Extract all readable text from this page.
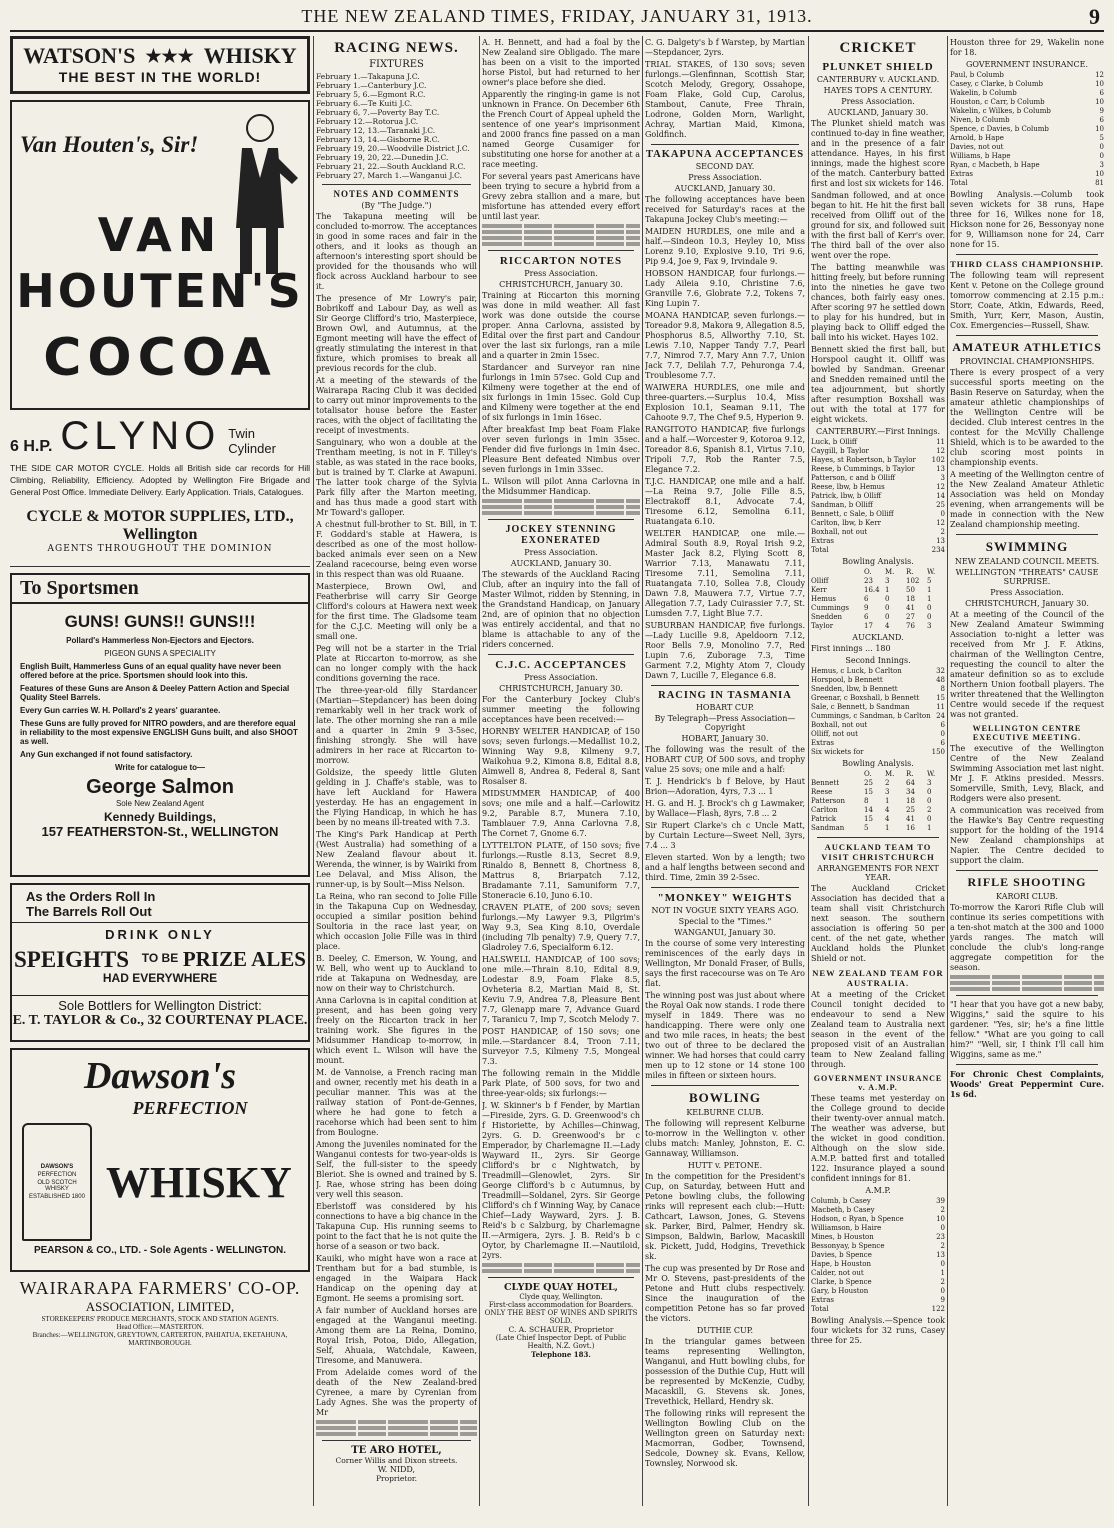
THE NEW ZEALAND TIMES, FRIDAY, JANUARY 31, 1913.	9
WATSON'S ★★★ WHISKY
THE BEST IN THE WORLD!
Van Houten's, Sir!
VAN
HOUTEN'S
COCOA
6 H.P. CLYNO Twin
Cylinder
THE SIDE CAR MOTOR CYCLE. Holds all British side car records for Hill Climbing, Reliability, Efficiency. Adopted by Wellington Fire Brigade and General Post Office. Immediate Delivery. Early Application. Trials, Catalogues.
CYCLE & MOTOR SUPPLIES, LTD., Wellington
AGENTS THROUGHOUT THE DOMINION
To Sportsmen
GUNS! GUNS!! GUNS!!!
Pollard's Hammerless Non-Ejectors and Ejectors.
PIGEON GUNS A SPECIALITY
English Built, Hammerless Guns of an equal quality have never been offered before at the price. Sportsmen should look into this.
Features of these Guns are Anson & Deeley Pattern Action and Special Quality Steel Barrels.
Every Gun carries W. H. Pollard's 2 years' guarantee.
These Guns are fully proved for NITRO powders, and are therefore equal in reliability to the most expensive ENGLISH Guns built, and also SHOOT as well.
Any Gun exchanged if not found satisfactory.
Write for catalogue to—
George Salmon
Sole New Zealand Agent
Kennedy Buildings,
157 FEATHERSTON-St., WELLINGTON
As the Orders Roll In
The Barrels Roll Out
DRINK ONLY
SPEIGHTS	PRIZE ALES
TO BE
HAD EVERYWHERE
Sole Bottlers for Wellington District:
E. T. TAYLOR & Co., 32 COURTENAY PLACE.
Dawson's
PERFECTION
DAWSON'S
PERFECTION
OLD SCOTCH WHISKY
ESTABLISHED 1800 WHISKY
PEARSON & CO., LTD. - Sole Agents - WELLINGTON.
WAIRARAPA FARMERS' CO-OP.
ASSOCIATION, LIMITED,
STOREKEEPERS' PRODUCE MERCHANTS, STOCK AND STATION AGENTS.
Head Office:—MASTERTON.
Branches:—WELLINGTON, GREYTOWN, CARTERTON, PAHIATUA, EKETAHUNA, MARTINBOROUGH.
RACING NEWS.
FIXTURES
February 1.—Takapuna J.C.
February 1.—Canterbury J.C.
February 5, 6.—Egmont R.C.
February 6.—Te Kuiti J.C.
February 6, 7.—Poverty Bay T.C.
February 12.—Rotorua J.C.
February 12, 13.—Taranaki J.C.
February 13, 14.—Gisborne R.C.
February 19, 20.—Woodville District J.C.
February 19, 20, 22.—Dunedin J.C.
February 21, 22.—South Auckland R.C.
February 27, March 1.—Wanganui J.C.
NOTES AND COMMENTS
(By "The Judge.")
The Takapuna meeting will be concluded to-morrow. The acceptances in good in some races and fair in the others, and it looks as though an afternoon's interesting sport should be provided for the thousands who will flock across Auckland harbour to see it.
The presence of Mr Lowry's pair, Bobrikoff and Labour Day, as well as Sir George Clifford's trio, Masterpiece, Brown Owl, and Autumnus, at the Egmont meeting will have the effect of greatly stimulating the interest in that fixture, which promises to break all previous records for the club.
At a meeting of the stewards of the Wairarapa Racing Club it was decided to carry out minor improvements to the totalisator house before the Easter races, with the object of facilitating the receipt of investments.
Sanguinary, who won a double at the Trentham meeting, is not in F. Tilley's stable, as was stated in the race books, but is trained by T. Clarke at Awapuni. The latter took charge of the Sylvia Park filly after the Marton meeting, and has thus made a good start with Mr Toward's galloper.
A chestnut full-brother to St. Bill, in T. F. Goddard's stable at Hawera, is described as one of the most hollow-backed animals ever seen on a New Zealand racecourse, being even worse in this respect than was old Ruaane.
Masterpiece, Brown Owl, and Featherbrise will carry Sir George Clifford's colours at Hawera next week for the first time. The Gladsome team for the C.J.C. Meeting will only be a small one.
Peg will not be a starter in the Trial Plate at Riccarton to-morrow, as she can no longer comply with the hack conditions governing the race.
The three-year-old filly Stardancer (Martian—Stepdancer) has been doing remarkably well in her track work of late. The other morning she ran a mile and a quarter in 2min 9 3-5sec, finishing strongly. She will have admirers in her race at Riccarton to-morrow.
Goldsize, the speedy little Gluten gelding in J. Chaffe's stable, was to have left Auckland for Hawera yesterday. He has an engagement in the Flying Handicap, in which he has been by no means ill-treated with 7.3.
The King's Park Handicap at Perth (West Australia) had something of a New Zealand flavour about it. Werenda, the winner, is by Wairiki from Lee Delaval, and Miss Alison, the runner-up, is by Soult—Miss Nelson.
La Reina, who ran second to Jolie Fille in the Takapuna Cup on Wednesday, occupied a similar position behind Soultoria in the race last year, on which occasion Jolie Fille was in third place.
B. Deeley, C. Emerson, W. Young, and W. Bell, who went up to Auckland to ride at Takapuna on Wednesday, are now on their way to Christchurch.
Anna Carlovna is in capital condition at present, and has been going very freely on the Riccarton track in her training work. She figures in the Midsummer Handicap to-morrow, in which event L. Wilson will have the mount.
M. de Vannoise, a French racing man and owner, recently met his death in a peculiar manner. This was at the railway station of Pont-de-Gennes, where he had gone to fetch a racehorse which had been sent to him from Boulogne.
Among the juveniles nominated for the Wanganui contests for two-year-olds is Self, the full-sister to the speedy Bleriot. She is owned and trained by S. J. Rae, whose string has been doing very well this season.
Eberlstoff was considered by his connections to have a big chance in the Takapuna Cup. His running seems to point to the fact that he is not quite the horse of a season or two back.
Kauiki, who might have won a race at Trentham but for a bad stumble, is engaged in the Waipara Hack Handicap on the opening day at Egmont. He seems a promising sort.
A fair number of Auckland horses are engaged at the Wanganui meeting. Among them are La Reina, Domino, Royal Irish, Potoa, Dido, Allegation, Self, Ahuaia, Watchdale, Kaween, Tiresome, and Manuwera.
From Adelaide comes word of the death of the New Zealand-bred Cyrenee, a mare by Cyrenian from Lady Agnes. She was the property of Mr
TE ARO HOTEL,
Corner Willis and Dixon streets.
W. NIDD,
Proprietor.
A. H. Bennett, and had a foal by the New Zealand sire Obligado. The mare has been on a visit to the imported horse Pistol, but had returned to her owner's place before she died.
Apparently the ringing-in game is not unknown in France. On December 6th the French Court of Appeal upheld the sentence of one year's imprisonment and 2000 francs fine passed on a man named George Cusamiger for substituting one horse for another at a race meeting.
For several years past Americans have been trying to secure a hybrid from a Grevy zebra stallion and a mare, but misfortune has attended every effort until last year.
RICCARTON NOTES
Press Association.
CHRISTCHURCH, January 30.
Training at Riccarton this morning was done in mild weather. All fast work was done outside the course proper. Anna Carlovna, assisted by Edital over the first part and Candour over the last six furlongs, ran a mile and a quarter in 2min 15sec.
Stardancer and Surveyor ran nine furlongs in 1min 57sec. Gold Cup and Kilmeny were together at the end of six furlongs in 1min 15sec. Gold Cup and Kilmeny were together at the end of six furlongs in 1min 16sec.
After breakfast Imp beat Foam Flake over seven furlongs in 1min 35sec. Fender did five furlongs in 1min 4sec. Pleasure Bent defeated Nimbus over seven furlongs in 1min 33sec.
L. Wilson will pilot Anna Carlovna in the Midsummer Handicap.
JOCKEY STENNING EXONERATED
Press Association.
AUCKLAND, January 30.
The stewards of the Auckland Racing Club, after an inquiry into the fall of Master Wilmot, ridden by Stenning, in the Grandstand Handicap, on January 2nd, are of opinion that no objection was entirely accidental, and that no blame is attachable to any of the riders concerned.
C.J.C. ACCEPTANCES
Press Association.
CHRISTCHURCH, January 30.
For the Canterbury Jockey Club's summer meeting the following acceptances have been received:—
HORNBY WELTER HANDICAP, of 150 sovs; seven furlongs.—Medallist 10.2, Winning Way 9.8, Kilmeny 9.7, Waikohua 9.2, Kimona 8.8, Edital 8.8, Aimwell 8, Andrea 8, Federal 8, Sant Rosalser 8.
MIDSUMMER HANDICAP, of 400 sovs; one mile and a half.—Carlowitz 9.2, Parable 8.7, Munera 7.10, Tamblauer 7.9, Anna Carlovna 7.8, The Cornet 7, Gnome 6.7.
LYTTELTON PLATE, of 150 sovs; five furlongs.—Rustle 8.13, Secret 8.9, Rinaldo 8, Bennett 8, Chortness 8, Mattrus 8, Briarpatch 7.12, Bradamante 7.11, Samuniform 7.7, Stoneracie 6.10, Juno 6.10.
CRAVEN PLATE, of 200 sovs; seven furlongs.—My Lawyer 9.3, Pilgrim's Way 9.3, Sea King 8.10, Overdale (including 7lb penalty) 7.9, Query 7.7, Gladroley 7.6, Specialform 6.12.
HALSWELL HANDICAP, of 100 sovs; one mile.—Thrain 8.10, Edital 8.9, Lodestar 8.9, Foam Flake 8.5, Ovheteria 8.2, Martian Maid 8, St. Keviu 7.9, Andrea 7.8, Pleasure Bent 7.7, Glenapp mare 7, Advance Guard 7, Taranicu 7, Imp 7, Scotch Melody 7.
POST HANDICAP, of 150 sovs; one mile.—Stardancer 8.4, Troon 7.11, Surveyor 7.5, Kilmeny 7.5, Mongeal 7.3.
The following remain in the Middle Park Plate, of 500 sovs, for two and three-year-olds; six furlongs:—
J. W. Skinner's b f Fender, by Martian—Fireside, 2yrs. G. D. Greenwood's ch f Historiette, by Achilles—Chinwag, 2yrs. G. D. Greenwood's br c Emperador, by Charlemagne II.—Lady Wayward II., 2yrs. Sir George Clifford's br c Nightwatch, by Treadmill—Glenowlet, 2yrs. Sir George Clifford's b c Autumnus, by Treadmill—Soldanel, 2yrs. Sir George Clifford's ch f Winning Way, by Canace Chief—Lady Wayward, 2yrs. J. B. Reid's b c Salzburg, by Charlemagne II.—Armigera, 2yrs. J. B. Reid's b c Oytor, by Charlemagne II.—Nautiloid, 2yrs.
CLYDE QUAY HOTEL,
Clyde quay, Wellington.
First-class accommodation for Boarders. ONLY THE BEST OF WINES AND SPIRITS SOLD.
C. A. SCHAUER, Proprietor
(Late Chief Inspector Dept. of Public Health, N.Z. Govt.)
Telephone 183.
C. G. Dalgety's b f Warstep, by Martian—Stepdancer, 2yrs.
TRIAL STAKES, of 130 sovs; seven furlongs.—Glenfinnan, Scottish Star, Scotch Melody, Gregory, Ossahope, Foam Flake, Gold Cup, Carolus, Stambout, Canute, Free Thrain, Lodrone, Golden Morn, Warlight, Achray, Martian Maid, Kimona, Goldfinch.
TAKAPUNA ACCEPTANCES
SECOND DAY.
Press Association.
AUCKLAND, January 30.
The following acceptances have been received for Saturday's races at the Takapuna Jockey Club's meeting:—
MAIDEN HURDLES, one mile and a half.—Sindeon 10.3, Heyley 10, Miss Lorenz 9.10, Explosive 9.10, Tri 9.6, Pip 9.4, Joe 9, Fax 9, Irvindale 9.
HOBSON HANDICAP, four furlongs.—Lady Aileia 9.10, Christine 7.6, Granville 7.6, Globrate 7.2, Tokens 7, King Lupin 7.
MOANA HANDICAP, seven furlongs.—Toreador 9.8, Makora 9, Allegation 8.5, Phosphorus 8.5, Allworthy 7.10, St. Lewis 7.10, Napper Tandy 7.7, Pearl 7.7, Nimrod 7.7, Mary Ann 7.7, Union Jack 7.7, Delilah 7.7, Pehuronga 7.4, Troublesome 7.7.
WAIWERA HURDLES, one mile and three-quarters.—Surplus 10.4, Miss Explosion 10.1, Seaman 9.11, The Cahoote 9.7, The Chef 9.5, Hyperion 9.
RANGITOTO HANDICAP, five furlongs and a half.—Worcester 9, Kotoroa 9.12, Toreador 8.6, Spanish 8.1, Virtus 7.10, Tripoli 7.7, Rob the Ranter 7.5, Elegance 7.2.
T.J.C. HANDICAP, one mile and a half.—La Reina 9.7, Jolie Fille 8.5, Electrakoff 8.1, Advocate 7.4, Tiresome 6.12, Semolina 6.11, Ruatangata 6.10.
WELTER HANDICAP, one mile.—Admiral South 8.9, Royal Irish 9.2, Master Jack 8.2, Flying Scott 8, Warrior 7.13, Manawatu 7.11, Tiresome 7.11, Semolina 7.11, Ruatangata 7.10, Sollea 7.8, Cloudy Dawn 7.8, Mauwera 7.7, Virtue 7.7, Allegation 7.7, Lady Cuirassier 7.7, St. Lumsden 7.7, Light Blue 7.7.
SUBURBAN HANDICAP, five furlongs.—Lady Lucille 9.8, Apeldoorn 7.12, Roor Bells 7.9, Monolino 7.7, Red Lupin 7.6, Zuborage 7.3, Time Garment 7.2, Mighty Atom 7, Cloudy Dawn 7, Lucille 7, Elegance 6.8.
RACING IN TASMANIA
HOBART CUP.
By Telegraph—Press Association—Copyright
HOBART, January 30.
The following was the result of the HOBART CUP, Of 500 sovs, and trophy value 25 sovs; one mile and a half:
T. J. Hendrick's b f Belove, by Haut Brion—Adoration, 4yrs, 7.3 ... 1
H. G. and H. J. Brock's ch g Lawmaker, by Wallace—Flash, 8yrs, 7.8 ... 2
Sir Rupert Clarke's ch c Uncle Matt, by Curtain Lecture—Sweet Nell, 3yrs, 7.4 ... 3
Eleven started. Won by a length; two and a half lengths between second and third. Time, 2min 39 2-5sec.
"MONKEY" WEIGHTS
NOT IN VOGUE SIXTY YEARS AGO.
Special to the "Times."
WANGANUI, January 30.
In the course of some very interesting reminiscences of the early days in Wellington, Mr Donald Fraser, of Bulls, says the first racecourse was on Te Aro flat.
The winning post was just about where the Royal Oak now stands. I rode there myself in 1849. There was no handicapping. There were only one and two mile races, in heats; the best two out of three to be declared the winner. We had horses that could carry men up to 12 stone or 14 stone 100 miles in fifteen or sixteen hours.
BOWLING
KELBURNE CLUB.
The following will represent Kelburne to-morrow in the Wellington v. other clubs match: Manley, Johnston, E. C. Gannaway, Williamson.
HUTT v. PETONE.
In the competition for the President's Cup, on Saturday, between Hutt and Petone bowling clubs, the following rinks will represent each club:—Hutt: Cathcart, Lawson, Jones, G. Stevens sk. Parker, Bird, Palmer, Hendry sk. Simpson, Baldwin, Barlow, Macaskill sk. Pickett, Judd, Hodgins, Trevethick sk.
The cup was presented by Dr Rose and Mr O. Stevens, past-presidents of the Petone and Hutt clubs respectively. Since the inauguration of the competition Petone has so far proved the victors.
DUTHIE CUP.
In the triangular games between teams representing Wellington, Wanganui, and Hutt bowling clubs, for possession of the Duthie Cup, Hutt will be represented by McKenzie, Cudby, Macaskill, G. Stevens sk. Jones, Trevethick, Hellard, Hendry sk.
The following rinks will represent the Wellington Bowling Club on the Wellington green on Saturday next: Macmorran, Godber, Townsend, Sedcole, Downey sk. Evans, Kellow, Townsley, Norwood sk.
CRICKET
PLUNKET SHIELD
CANTERBURY v. AUCKLAND.
HAYES TOPS A CENTURY.
Press Association.
AUCKLAND, January 30.
The Plunket shield match was continued to-day in fine weather, and in the presence of a fair attendance. Hayes, in his first innings, made the highest score of the match. Canterbury batted first and lost six wickets for 146.
Sandman followed, and at once began to hit. He hit the first ball received from Olliff out of the ground for six, and followed suit with the first ball of Kerr's over. The third ball of the over also went over the rope.
The batting meanwhile was hitting freely, but before running into the nineties he gave two chances, both fairly easy ones. After scoring 97 he settled down to play for his hundred, but in playing back to Olliff edged the ball into his wicket. Hayes 102.
Bennett skied the first ball, but Horspool caught it. Olliff was bowled by Sandman. Greenar and Snedden remained until the tea adjournment, but shortly after resumption Boxshall was out with the total at 177 for eight wickets.
CANTERBURY.—First Innings.
Luck, b Olliff	11
Caygill, b Taylor	12
Hayes, st Robertson, b Taylor 102
Reese, b Cummings, b Taylor	13
Patterson, c and b Olliff	3
Reese, lbw, b Hemus	12
Patrick, lbw, b Olliff	14
Sandman, b Olliff	25
Bennett, c Sale, b Olliff	0
Carlton, lbw, b Kerr	12
Boxhall, not out	2
Extras	13
Total	234
Bowling Analysis.
O.	M.	R.	W.
Olliff	23	3	102	5
Kerr	16.4 1	50	1
Hemus	6	0	18	1
Cummings	9	0	41	0
Snedden	6	0	27	0
Taylor	17	4	76	3
AUCKLAND.
First innings ... 180
Second Innings.
Hemus, c Luck, b Carlton	32
Horspool, b Bennett	48
Snedden, lbw, b Bennett	8
Greenar, c Boxshall, b Bennett 15
Sale, c Bennett, b Sandman	11
Cummings, c Sandman, b Carlton 24
Boxhall, not out	6
Olliff, not out	0
Extras	6
Six wickets for	150
Bowling Analysis.
O.	M.	R.	W.
Bennett	25	2	64	3
Reese	15	3	34	0
Patterson	8	1	18	0
Carlton	14	4	25	2
Patrick	15	4	41	0
Sandman	5	1	16	1
AUCKLAND TEAM TO VISIT CHRISTCHURCH
ARRANGEMENTS FOR NEXT YEAR.
The Auckland Cricket Association has decided that a team shall visit Christchurch next season. The southern association is offering 50 per cent. of the net gate, whether Auckland holds the Plunket Shield or not.
NEW ZEALAND TEAM FOR AUSTRALIA.
At a meeting of the Cricket Council tonight decided to endeavour to send a New Zealand team to Australia next season in the event of the proposed visit of an Australian team to New Zealand falling through.
GOVERNMENT INSURANCE v. A.M.P.
These teams met yesterday on the College ground to decide their twenty-over annual match. The weather was adverse, but the wicket in good condition. Although on the slow side. A.M.P. batted first and totalled 122. Insurance played a sound confident innings for 81.
A.M.P.
Columb, b Casey	39
Macbeth, b Casey	2
Hodson, c Ryan, b Spence	10
Williamson, b Haire	0
Mines, b Houston	23
Bessonyay, b Spence	2
Davies, b Spence	13
Hape, b Houston	0
Calder, not out	1
Clarke, b Spence	2
Gary, b Houston	0
Extras	9
Total	122
Bowling Analysis.—Spence took four wickets for 32 runs, Casey three for 25.
Houston three for 29, Wakelin none for 18.
GOVERNMENT INSURANCE.
Paul, b Columb	12
Casey, c Clarke, b Columb	10
Wakelin, b Columb	6
Houston, c Carr, b Columb	10
Wakelin, c Wilkes, b Columb	9
Niven, b Columb	6
Spence, c Davies, b Columb	10
Arnold, b Hape	5
Davies, not out	0
Williams, b Hape	0
Ryan, c Macbeth, b Hape	3
Extras	10
Total	81
Bowling Analysis.—Columb took seven wickets for 38 runs, Hape three for 16, Wilkes none for 18, Hickson none for 26, Bessonyay none for 9, Williamson none for 24, Carr none for 15.
THIRD CLASS CHAMPIONSHIP.
The following team will represent Kent v. Petone on the College ground tomorrow commencing at 2.15 p.m.: Storr, Coate, Atkin, Edwards, Reed, Smith, Yurr, Kerr, Mason, Austin, Cox. Emergencies—Russell, Shaw.
AMATEUR ATHLETICS
PROVINCIAL CHAMPIONSHIPS.
There is every prospect of a very successful sports meeting on the Basin Reserve on Saturday, when the amateur athletic championships of the Wellington Centre will be decided. Club interest centres in the contest for the McVilly Challenge Shield, which is to be awarded to the club scoring most points in championship events.
A meeting of the Wellington centre of the New Zealand Amateur Athletic Association was held on Monday evening, when arrangements will be made in connection with the New Zealand championship meeting.
SWIMMING
NEW ZEALAND COUNCIL MEETS.
WELLINGTON "THREATS" CAUSE SURPRISE.
Press Association.
CHRISTCHURCH, January 30.
At a meeting of the Council of the New Zealand Amateur Swimming Association to-night a letter was received from Mr J. F. Atkins, chairman of the Wellington Centre, requesting the council to alter the amateur definition so as to exclude Northern Union football players. The writer threatened that the Wellington Centre would secede if the request was not granted.
WELLINGTON CENTRE EXECUTIVE MEETING.
The executive of the Wellington Centre of the New Zealand Swimming Association met last night. Mr J. F. Atkins presided. Messrs. Somerville, Smith, Levy, Black, and Rodgers were also present.
A communication was received from the Hawke's Bay Centre requesting support for the holding of the 1914 New Zealand championships at Napier. The Centre decided to support the claim.
RIFLE SHOOTING
KARORI CLUB.
To-morrow the Karori Rifle Club will continue its series competitions with a ten-shot match at the 300 and 1000 yards ranges. The match will conclude the club's long-range aggregate competition for the season.
"I hear that you have got a new baby, Wiggins," said the squire to his gardener. "Yes, sir; he's a fine little fellow." "What are you going to call him?" "Well, sir, I think I'll call him Wiggins, same as me."
For Chronic Chest Complaints, Woods' Great Peppermint Cure. 1s 6d.
